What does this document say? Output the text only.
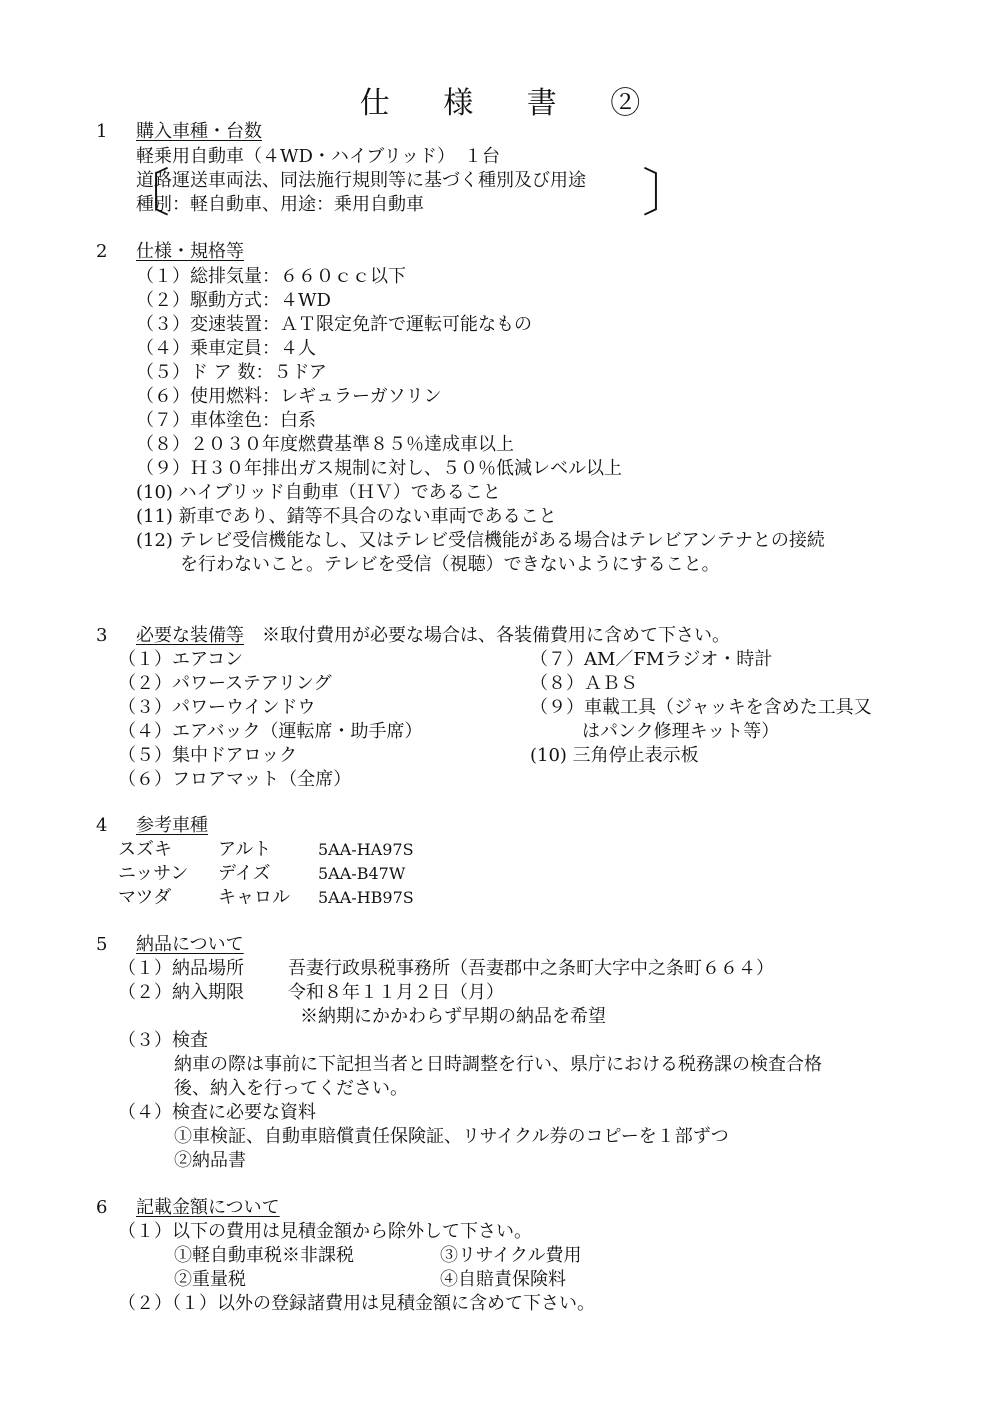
仕 様 書 ②
1 購入車種・台数
軽乗用自動車（４WD・ハイブリッド）　１台
〔
道路運送車両法、同法施行規則等に基づく種別及び用途
種別：軽自動車、用途：乗用自動車	〕
2 仕様・規格等
（１）総排気量：６６０ｃｃ以下
（２）駆動方式：４WD
（３）変速装置：ＡＴ限定免許で運転可能なもの
（４）乗車定員：４人
（５）ド ア 数：５ドア
（６）使用燃料：レギュラーガソリン
（７）車体塗色：白系
（８）２０３０年度燃費基準８５％達成車以上
（９）Ｈ３０年排出ガス規制に対し、５０％低減レベル以上
(10) ハイブリッド自動車（ＨＶ）であること
(11) 新車であり、錆等不具合のない車両であること
(12) テレビ受信機能なし、又はテレビ受信機能がある場合はテレビアンテナとの接続
を行わないこと。テレビを受信（視聴）できないようにすること。
3 必要な装備等 ※取付費用が必要な場合は、各装備費用に含めて下さい。
（１）エアコン
（２）パワーステアリング
（３）パワーウインドウ
（４）エアバック（運転席・助手席）
（５）集中ドアロック
（６）フロアマット（全席）
（７）AM／FMラジオ・時計
（８）ＡＢＳ
（９）車載工具（ジャッキを含めた工具又
はパンク修理キット等）
(10) 三角停止表示板
4 参考車種
スズキ	アルト	5AA-HA97S
ニッサン デイズ	5AA-B47W
マツダ	キャロル 5AA-HB97S
5 納品について
（１）納品場所 吾妻行政県税事務所（吾妻郡中之条町大字中之条町６６４）
（２）納入期限 令和８年１１月２日（月）
※納期にかかわらず早期の納品を希望
（３）検査
納車の際は事前に下記担当者と日時調整を行い、県庁における税務課の検査合格
後、納入を行ってください。
（４）検査に必要な資料
①車検証、自動車賠償責任保険証、リサイクル券のコピーを１部ずつ
②納品書
6 記載金額について
（１）以下の費用は見積金額から除外して下さい。
①軽自動車税※非課税	③リサイクル費用
②重量税	④自賠責保険料
（２）（１）以外の登録諸費用は見積金額に含めて下さい。
